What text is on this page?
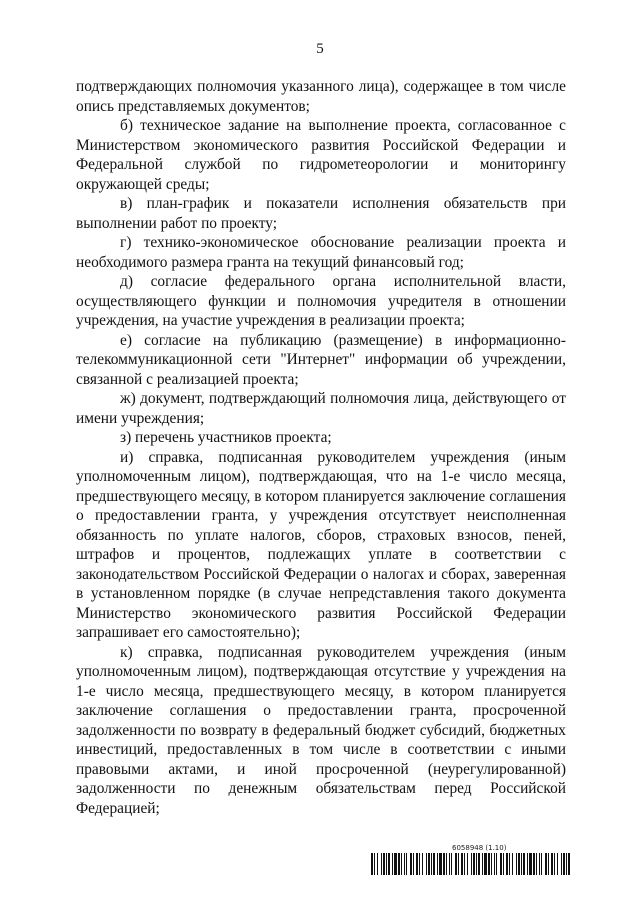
5

подтверждающих полномочия указанного лица), содержащее в том числе опись представляемых документов;

б) техническое задание на выполнение проекта, согласованное с Министерством экономического развития Российской Федерации и Федеральной службой по гидрометеорологии и мониторингу окружающей среды;

в) план-график и показатели исполнения обязательств при выполнении работ по проекту;

г) технико-экономическое обоснование реализации проекта и необходимого размера гранта на текущий финансовый год;

д) согласие федерального органа исполнительной власти, осуществляющего функции и полномочия учредителя в отношении учреждения, на участие учреждения в реализации проекта;

е) согласие на публикацию (размещение) в информационно-телекоммуникационной сети "Интернет" информации об учреждении, связанной с реализацией проекта;

ж) документ, подтверждающий полномочия лица, действующего от имени учреждения;

з) перечень участников проекта;

и) справка, подписанная руководителем учреждения (иным уполномоченным лицом), подтверждающая, что на 1-е число месяца, предшествующего месяцу, в котором планируется заключение соглашения о предоставлении гранта, у учреждения отсутствует неисполненная обязанность по уплате налогов, сборов, страховых взносов, пеней, штрафов и процентов, подлежащих уплате в соответствии с законодательством Российской Федерации о налогах и сборах, заверенная в установленном порядке (в случае непредставления такого документа Министерство экономического развития Российской Федерации запрашивает его самостоятельно);

к) справка, подписанная руководителем учреждения (иным уполномоченным лицом), подтверждающая отсутствие у учреждения на 1-е число месяца, предшествующего месяцу, в котором планируется заключение соглашения о предоставлении гранта, просроченной задолженности по возврату в федеральный бюджет субсидий, бюджетных инвестиций, предоставленных в том числе в соответствии с иными правовыми актами, и иной просроченной (неурегулированной) задолженности по денежным обязательствам перед Российской Федерацией;

6058948 (1.10)
